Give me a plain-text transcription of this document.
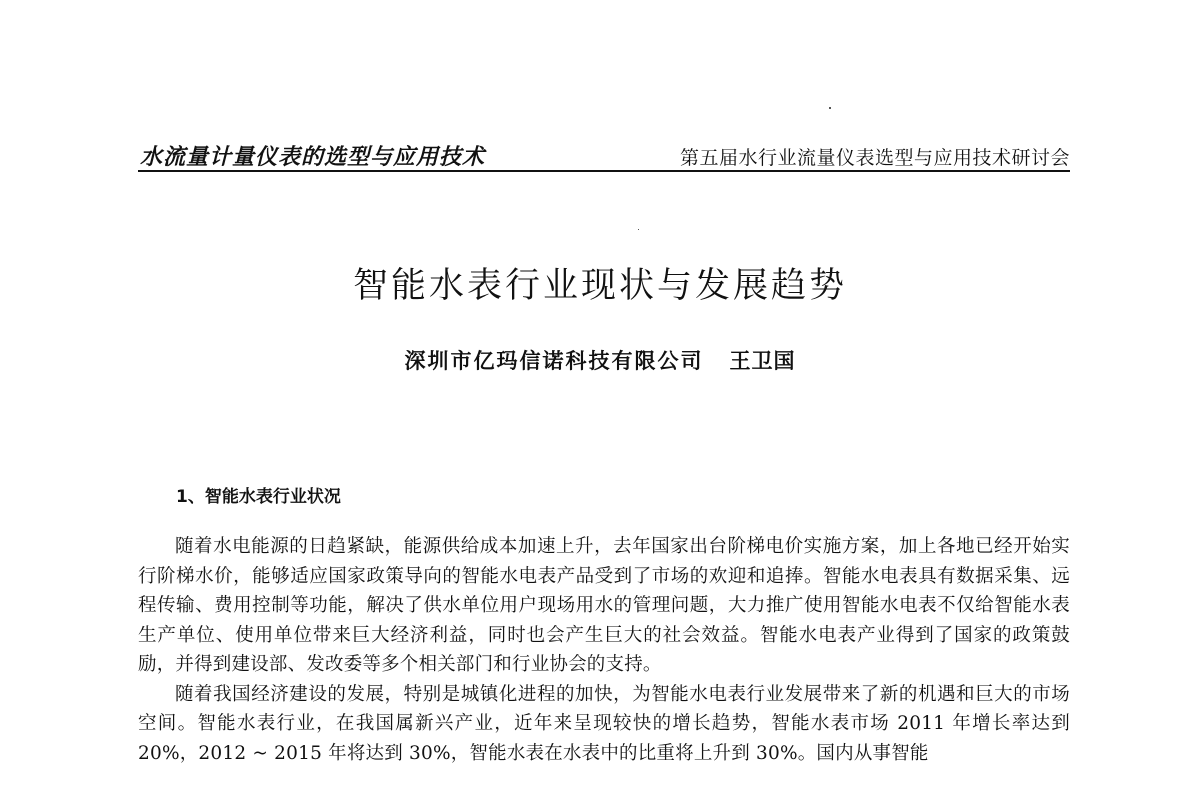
水流量计量仪表的选型与应用技术	第五届水行业流量仪表选型与应用技术研讨会
智能水表行业现状与发展趋势
深圳市亿玛信诺科技有限公司 王卫国
1、智能水表行业状况

随着水电能源的日趋紧缺，能源供给成本加速上升，去年国家出台阶梯电价实施方案，加上各地已经开始实行阶梯水价，能够适应国家政策导向的智能水电表产品受到了市场的欢迎和追捧。智能水电表具有数据采集、远程传输、费用控制等功能，解决了供水单位用户现场用水的管理问题，大力推广使用智能水电表不仅给智能水表生产单位、使用单位带来巨大经济利益，同时也会产生巨大的社会效益。智能水电表产业得到了国家的政策鼓励，并得到建设部、发改委等多个相关部门和行业协会的支持。

随着我国经济建设的发展，特别是城镇化进程的加快，为智能水电表行业发展带来了新的机遇和巨大的市场空间。智能水表行业，在我国属新兴产业，近年来呈现较快的增长趋势，智能水表市场 2011 年增长率达到 20%，2012 ~ 2015 年将达到 30%，智能水表在水表中的比重将上升到 30%。国内从事智能
